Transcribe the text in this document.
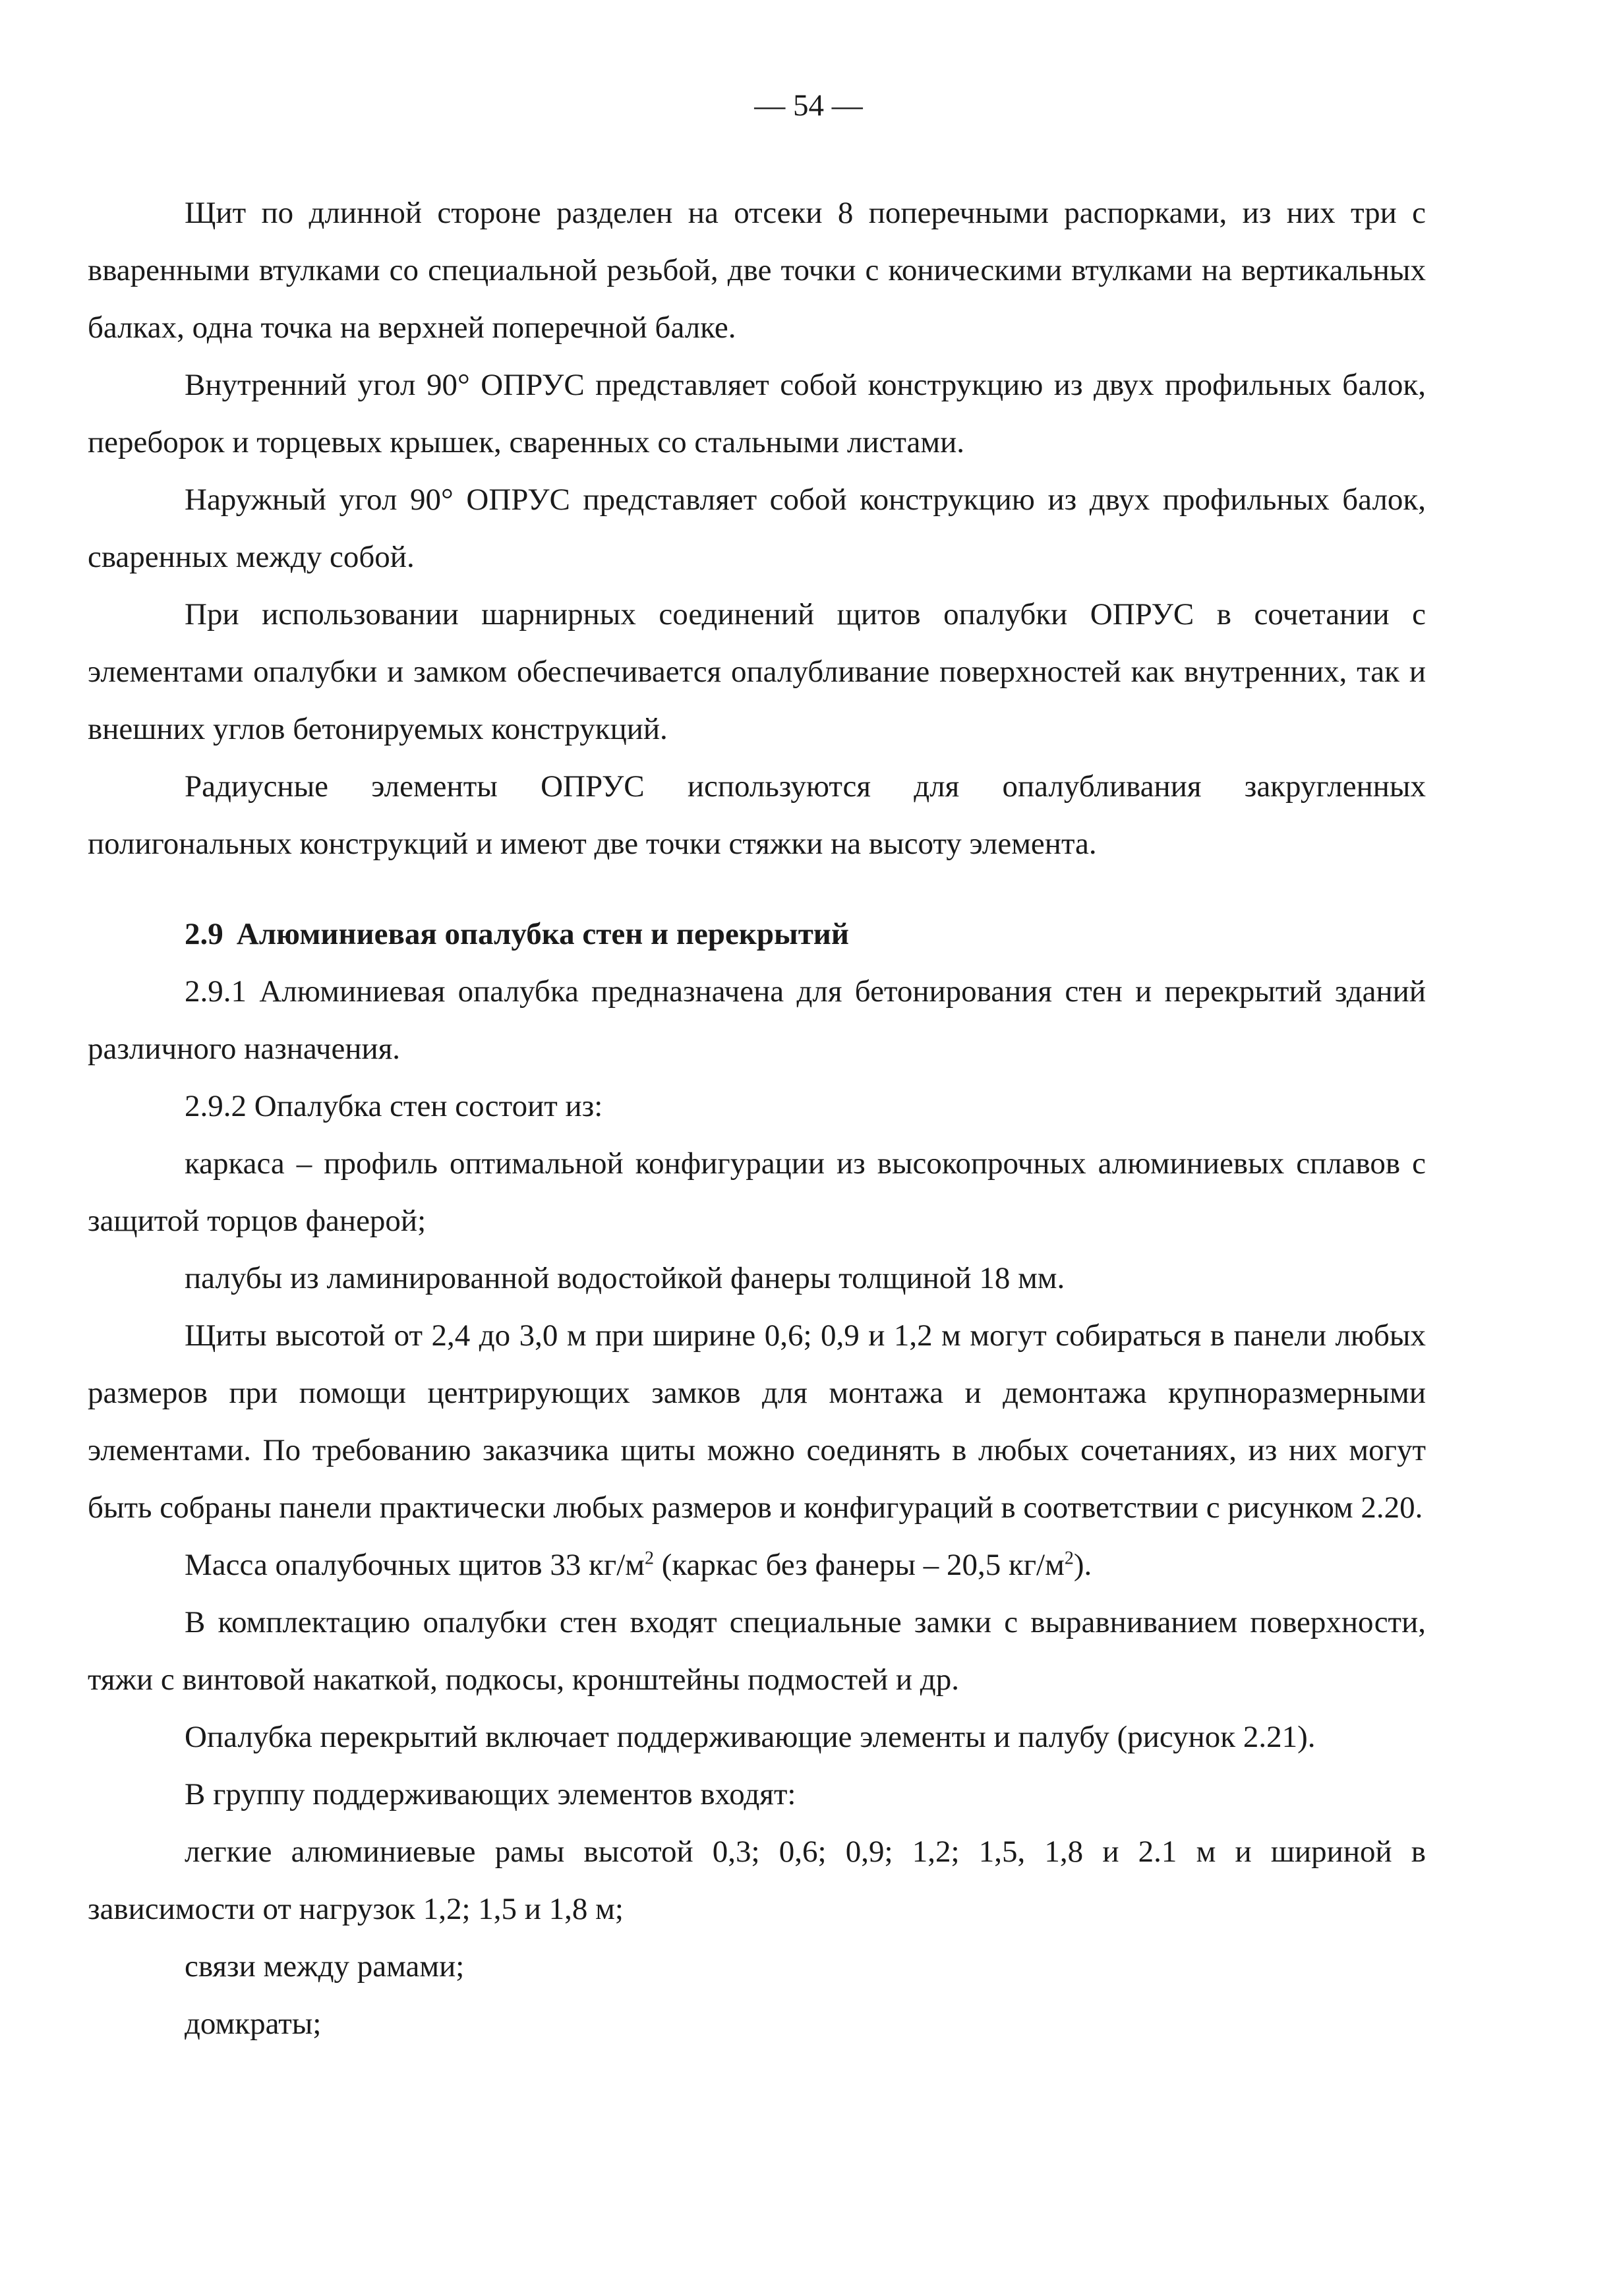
— 54 —

Щит по длинной стороне разделен на отсеки 8 поперечными распорками, из них три с вваренными втулками со специальной резьбой, две точки с коническими втулками на вертикальных балках, одна точка на верхней поперечной балке.

Внутренний угол 90° ОПРУС представляет собой конструкцию из двух профильных балок, переборок и торцевых крышек, сваренных со стальными листами.

Наружный угол 90° ОПРУС представляет собой конструкцию из двух профильных балок, сваренных между собой.

При использовании шарнирных соединений щитов опалубки ОПРУС в сочетании с элементами опалубки и замком обеспечивается опалубливание поверхностей как внутренних, так и внешних углов бетонируемых конструкций.

Радиусные элементы ОПРУС используются для опалубливания закругленных полигональных конструкций и имеют две точки стяжки на высоту элемента.

2.9 Алюминиевая опалубка стен и перекрытий

2.9.1 Алюминиевая опалубка предназначена для бетонирования стен и перекрытий зданий различного назначения.

2.9.2 Опалубка стен состоит из:

каркаса – профиль оптимальной конфигурации из высокопрочных алюминиевых сплавов с защитой торцов фанерой;

палубы из ламинированной водостойкой фанеры толщиной 18 мм.

Щиты высотой от 2,4 до 3,0 м при ширине 0,6; 0,9 и 1,2 м могут собираться в панели любых размеров при помощи центрирующих замков для монтажа и демонтажа крупноразмерными элементами. По требованию заказчика щиты можно соединять в любых сочетаниях, из них могут быть собраны панели практически любых размеров и конфигураций в соответствии с рисунком 2.20.

Масса опалубочных щитов 33 $кг/м^2$ (каркас без фанеры – 20,5 $кг/м^2$).

В комплектацию опалубки стен входят специальные замки с выравниванием поверхности, тяжи с винтовой накаткой, подкосы, кронштейны подмостей и др.

Опалубка перекрытий включает поддерживающие элементы и палубу (рисунок 2.21).

В группу поддерживающих элементов входят:

легкие алюминиевые рамы высотой 0,3; 0,6; 0,9; 1,2; 1,5, 1,8 и 2.1 м и шириной в зависимости от нагрузок 1,2; 1,5 и 1,8 м;

связи между рамами;

домкраты;
